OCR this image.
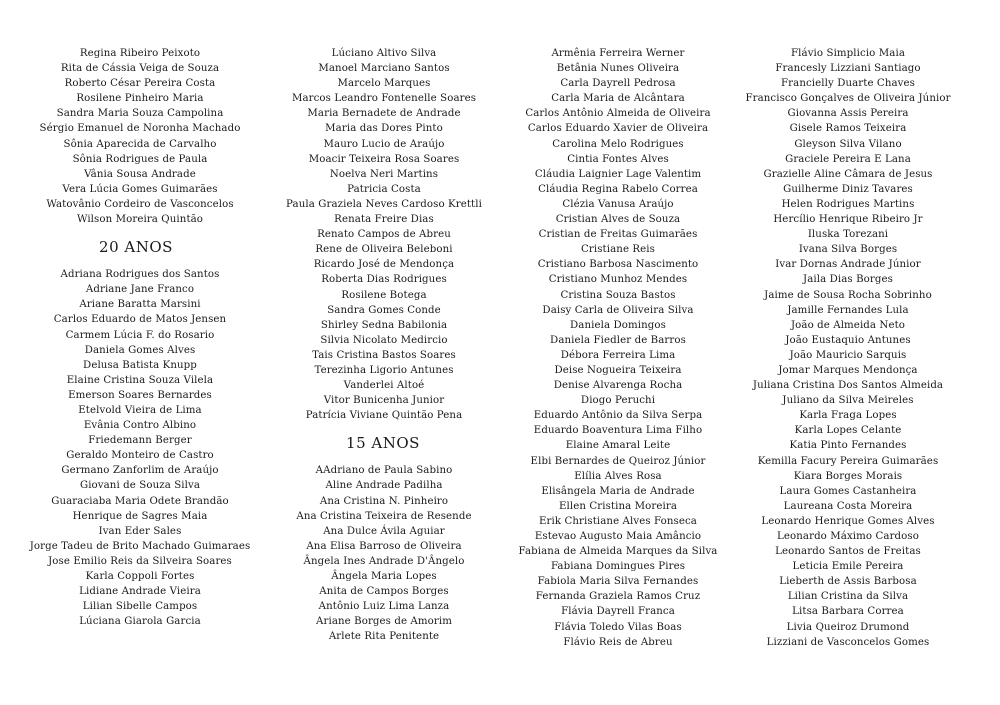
Regina Ribeiro Peixoto
Rita de Cássia Veiga de Souza
Roberto César Pereira Costa
Rosilene Pinheiro Maria
Sandra Maria Souza Campolina
Sérgio Emanuel de Noronha Machado
Sônia Aparecida de Carvalho
Sônia Rodrigues de Paula
Vânia Sousa Andrade
Vera Lúcia Gomes Guimarães
Watovânio Cordeiro de Vasconcelos
Wilson Moreira Quintão
20 ANOS
Adriana Rodrigues dos Santos
Adriane Jane Franco
Ariane Baratta Marsini
Carlos Eduardo de Matos Jensen
Carmem Lúcia F. do Rosario
Daniela Gomes Alves
Delusa Batista Knupp
Elaine Cristina Souza Vilela
Emerson Soares Bernardes
Etelvold Vieira de Lima
Evânia Contro Albino
Friedemann Berger
Geraldo Monteiro de Castro
Germano Zanforlim de Araújo
Giovani de Souza Silva
Guaraciaba Maria Odete Brandão
Henrique de Sagres Maia
Ivan Eder Sales
Jorge Tadeu de Brito Machado Guimaraes
Jose Emilio Reis da Silveira Soares
Karla Coppoli Fortes
Lidiane Andrade Vieira
Lilian Sibelle Campos
Lúciana Giarola Garcia
Lúciano Altivo Silva
Manoel Marciano Santos
Marcelo Marques
Marcos Leandro Fontenelle Soares
Maria Bernadete de Andrade
Maria das Dores Pinto
Mauro Lucio de Araújo
Moacir Teixeira Rosa Soares
Noelva Neri Martins
Patricia Costa
Paula Graziela Neves Cardoso Krettli
Renata Freire Dias
Renato Campos de Abreu
Rene de Oliveira Beleboni
Ricardo José de Mendonça
Roberta Dias Rodrigues
Rosilene Botega
Sandra Gomes Conde
Shirley Sedna Babilonia
Silvia Nicolato Medircio
Tais Cristina Bastos Soares
Terezinha Ligorio Antunes
Vanderlei Altoé
Vitor Bunicenha Junior
Patrícia Viviane Quintão Pena
15 ANOS
AAdriano de Paula Sabino
Aline Andrade Padilha
Ana Cristina N. Pinheiro
Ana Cristina Teixeira de Resende
Ana Dulce Ávila Aguiar
Ana Elisa Barroso de Oliveira
Ângela Ines Andrade D'Ângelo
Ângela Maria Lopes
Anita de Campos Borges
Antônio Luiz Lima Lanza
Ariane Borges de Amorim
Arlete Rita Penitente
Armênia Ferreira Werner
Betânia Nunes Oliveira
Carla Dayrell Pedrosa
Carla Maria de Alcântara
Carlos Antônio Almeida de Oliveira
Carlos Eduardo Xavier de Oliveira
Carolina Melo Rodrigues
Cintia Fontes Alves
Cláudia Laignier Lage Valentim
Cláudia Regina Rabelo Correa
Clézia Vanusa Araújo
Cristian Alves de Souza
Cristian de Freitas Guimarães
Cristiane Reis
Cristiano Barbosa Nascimento
Cristiano Munhoz Mendes
Cristina Souza Bastos
Daisy Carla de Oliveira Silva
Daniela Domingos
Daniela Fiedler de Barros
Débora Ferreira Lima
Deise Nogueira Teixeira
Denise Alvarenga Rocha
Diogo Peruchi
Eduardo Antônio da Silva Serpa
Eduardo Boaventura Lima Filho
Elaine Amaral Leite
Elbi Bernardes de Queiroz Júnior
Elília Alves Rosa
Elisângela Maria de Andrade
Ellen Cristina Moreira
Erik Christiane Alves Fonseca
Estevao Augusto Maia Amâncio
Fabiana de Almeida Marques da Silva
Fabiana Domingues Pires
Fabiola Maria Silva Fernandes
Fernanda Graziela Ramos Cruz
Flávia Dayrell Franca
Flávia Toledo Vilas Boas
Flávio Reis de Abreu
Flávio Simplicio Maia
Francesly Lizziani Santiago
Francielly Duarte Chaves
Francisco Gonçalves de Oliveira Júnior
Giovanna Assis Pereira
Gisele Ramos Teixeira
Gleyson Silva Vilano
Graciele Pereira E Lana
Grazielle Aline Câmara de Jesus
Guilherme Diniz Tavares
Helen Rodrigues Martins
Hercílio Henrique Ribeiro Jr
Iluska Torezani
Ivana Silva Borges
Ivar Dornas Andrade Júnior
Jaila Dias Borges
Jaime de Sousa Rocha Sobrinho
Jamille Fernandes Lula
João de Almeida Neto
João Eustaquio Antunes
João Mauricio Sarquis
Jomar Marques Mendonça
Juliana Cristina Dos Santos Almeida
Juliano da Silva Meireles
Karla Fraga Lopes
Karla Lopes Celante
Katia Pinto Fernandes
Kemilla Facury Pereira Guimarães
Kiara Borges Morais
Laura Gomes Castanheira
Laureana Costa Moreira
Leonardo Henrique Gomes Alves
Leonardo Máximo Cardoso
Leonardo Santos de Freitas
Leticia Emile Pereira
Lieberth de Assis Barbosa
Lilian Cristina da Silva
Litsa Barbara Correa
Livia Queiroz Drumond
Lizziani de Vasconcelos Gomes
